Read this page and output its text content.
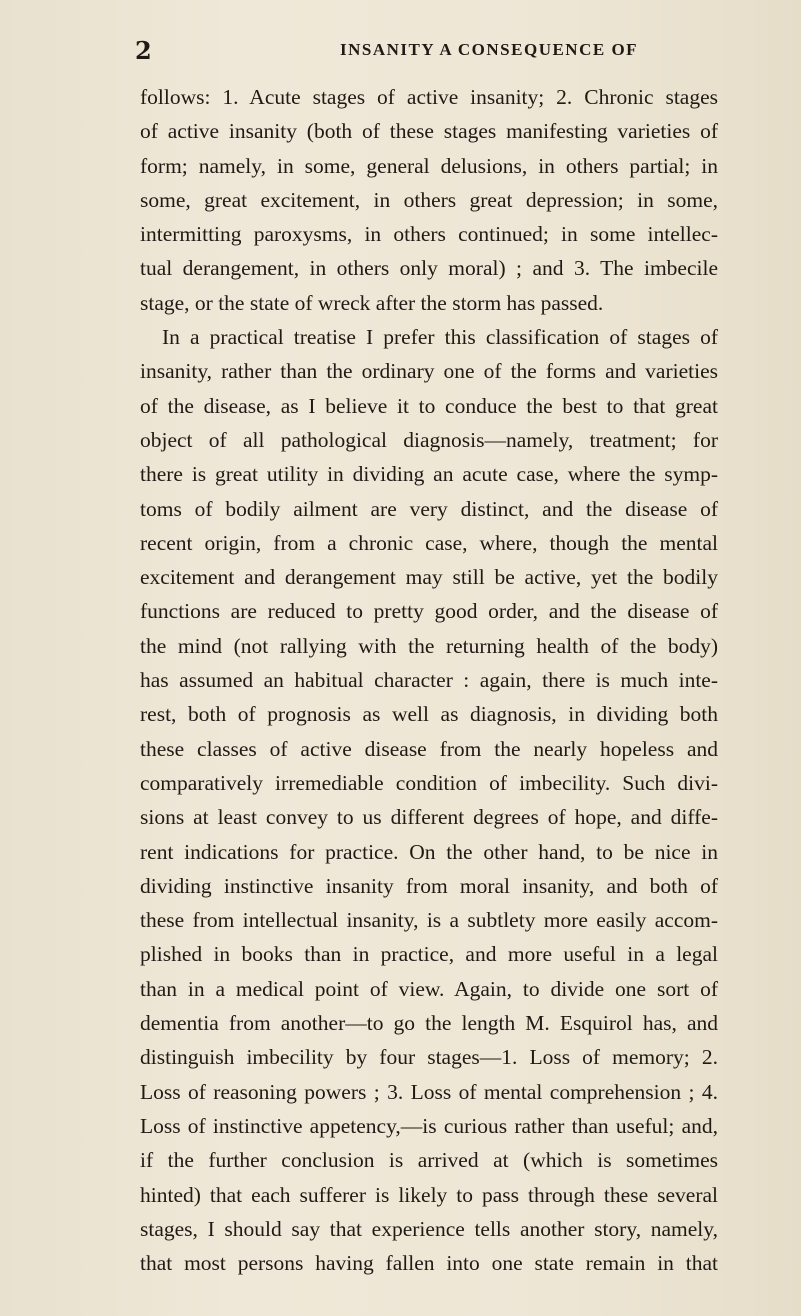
2	INSANITY A CONSEQUENCE OF
follows: 1. Acute stages of active insanity; 2. Chronic stages
of active insanity (both of these stages manifesting varieties of
form; namely, in some, general delusions, in others partial; in
some, great excitement, in others great depression; in some,
intermitting paroxysms, in others continued; in some intellec-
tual derangement, in others only moral) ; and 3. The imbecile
stage, or the state of wreck after the storm has passed.
In a practical treatise I prefer this classification of stages of
insanity, rather than the ordinary one of the forms and varieties
of the disease, as I believe it to conduce the best to that great
object of all pathological diagnosis—namely, treatment; for
there is great utility in dividing an acute case, where the symp-
toms of bodily ailment are very distinct, and the disease of
recent origin, from a chronic case, where, though the mental
excitement and derangement may still be active, yet the bodily
functions are reduced to pretty good order, and the disease of
the mind (not rallying with the returning health of the body)
has assumed an habitual character : again, there is much inte-
rest, both of prognosis as well as diagnosis, in dividing both
these classes of active disease from the nearly hopeless and
comparatively irremediable condition of imbecility. Such divi-
sions at least convey to us different degrees of hope, and diffe-
rent indications for practice. On the other hand, to be nice in
dividing instinctive insanity from moral insanity, and both of
these from intellectual insanity, is a subtlety more easily accom-
plished in books than in practice, and more useful in a legal
than in a medical point of view. Again, to divide one sort of
dementia from another—to go the length M. Esquirol has, and
distinguish imbecility by four stages—1. Loss of memory; 2.
Loss of reasoning powers ; 3. Loss of mental comprehension ; 4.
Loss of instinctive appetency,—is curious rather than useful; and,
if the further conclusion is arrived at (which is sometimes
hinted) that each sufferer is likely to pass through these several
stages, I should say that experience tells another story, namely,
that most persons having fallen into one state remain in that
